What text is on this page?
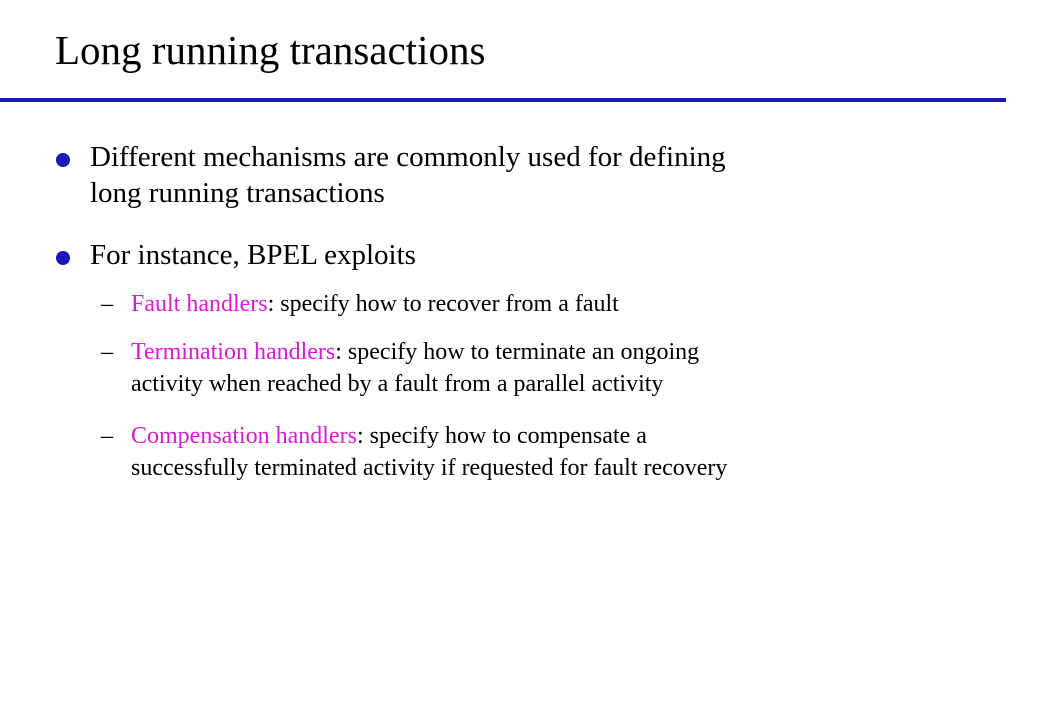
Long running transactions
Different mechanisms are commonly used for defining
long running transactions
For instance, BPEL exploits
– Fault handlers: specify how to recover from a fault
– Termination handlers: specify how to terminate an ongoing
activity when reached by a fault from a parallel activity
– Compensation handlers: specify how to compensate a
successfully terminated activity if requested for fault recovery
